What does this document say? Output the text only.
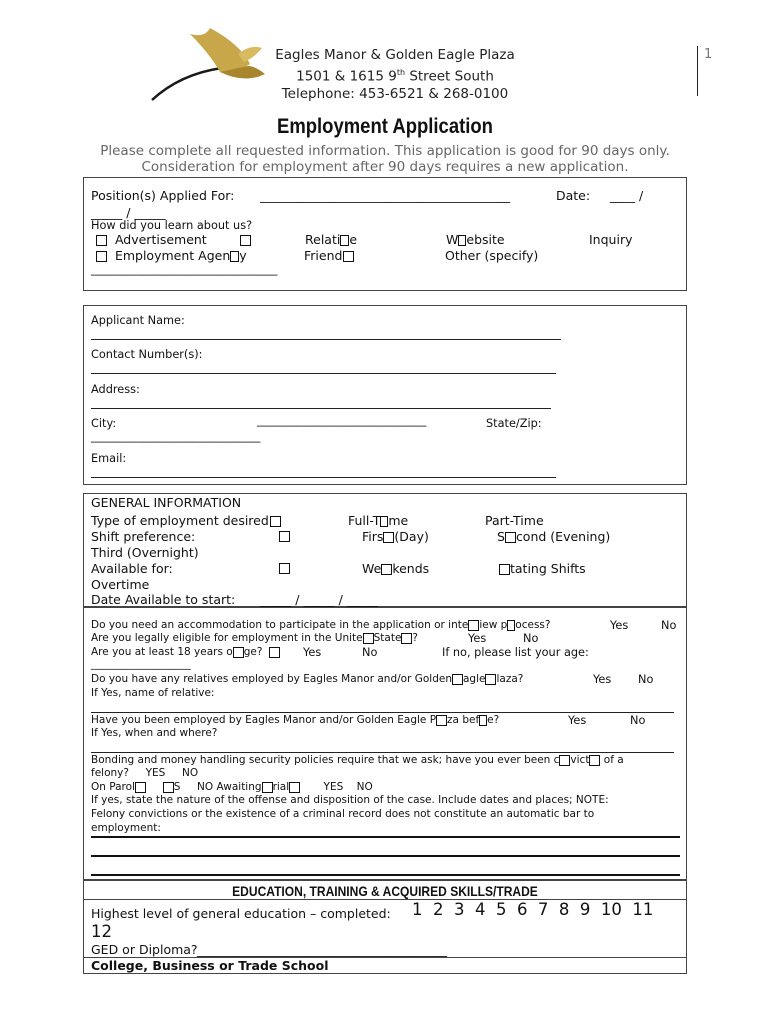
Eagles Manor & Golden Eagle Plaza
1501 & 1615 9th Street South
Telephone: 453-6521 & 268-0100
1
Employment Application
Please complete all requested information. This application is good for 90 days only.
Consideration for employment after 90 days requires a new application.
Position(s) Applied For: ________________________________________	Date: ____ /
_____ / _____
How did you learn about us?
Advertisement	Relati e	W ebsite	Inquiry
Employment Agen y	Friend	Other (specify)
_________________________________
Applicant Name:
Contact Number(s):
Address:
City:	______________________________	State/Zip:
______________________________
Email:
GENERAL INFORMATION
Type of employment desired	Full-T me	Part-Time
Shift preference:	Firs (Day)	S cond (Evening)
Third (Overnight)
Available for:	We kends	tating Shifts
Overtime
Date Available to start: _____ / _____ / _____
Do you need an accommodation to participate in the application or inte iew p ocess?	Yes	No
Are you legally eligible for employment in the Unite State ?	Yes	No
Are you at least 18 years o ge?	Yes	No	If no, please list your age:
___________________
Do you have any relatives employed by Eagles Manor and/or Golden agle laza?	Yes No
If Yes, name of relative:
Have you been employed by Eagles Manor and/or Golden Eagle P za bef e?	Yes	No
If Yes, when and where?
Bonding and money handling security policies require that we ask; have you ever been c vict of a
felony?     YES     NO
On Parol	S     NO Awaiting rial	YES    NO
If yes, state the nature of the offense and disposition of the case. Include dates and places; NOTE:
Felony convictions or the existence of a criminal record does not constitute an automatic bar to
employment:
EDUCATION, TRAINING & ACQUIRED SKILLS/TRADE
Highest level of general education – completed: 1  2  3  4  5  6  7  8  9  10  11
12
GED or Diploma? ________________________________________
College, Business or Trade School
